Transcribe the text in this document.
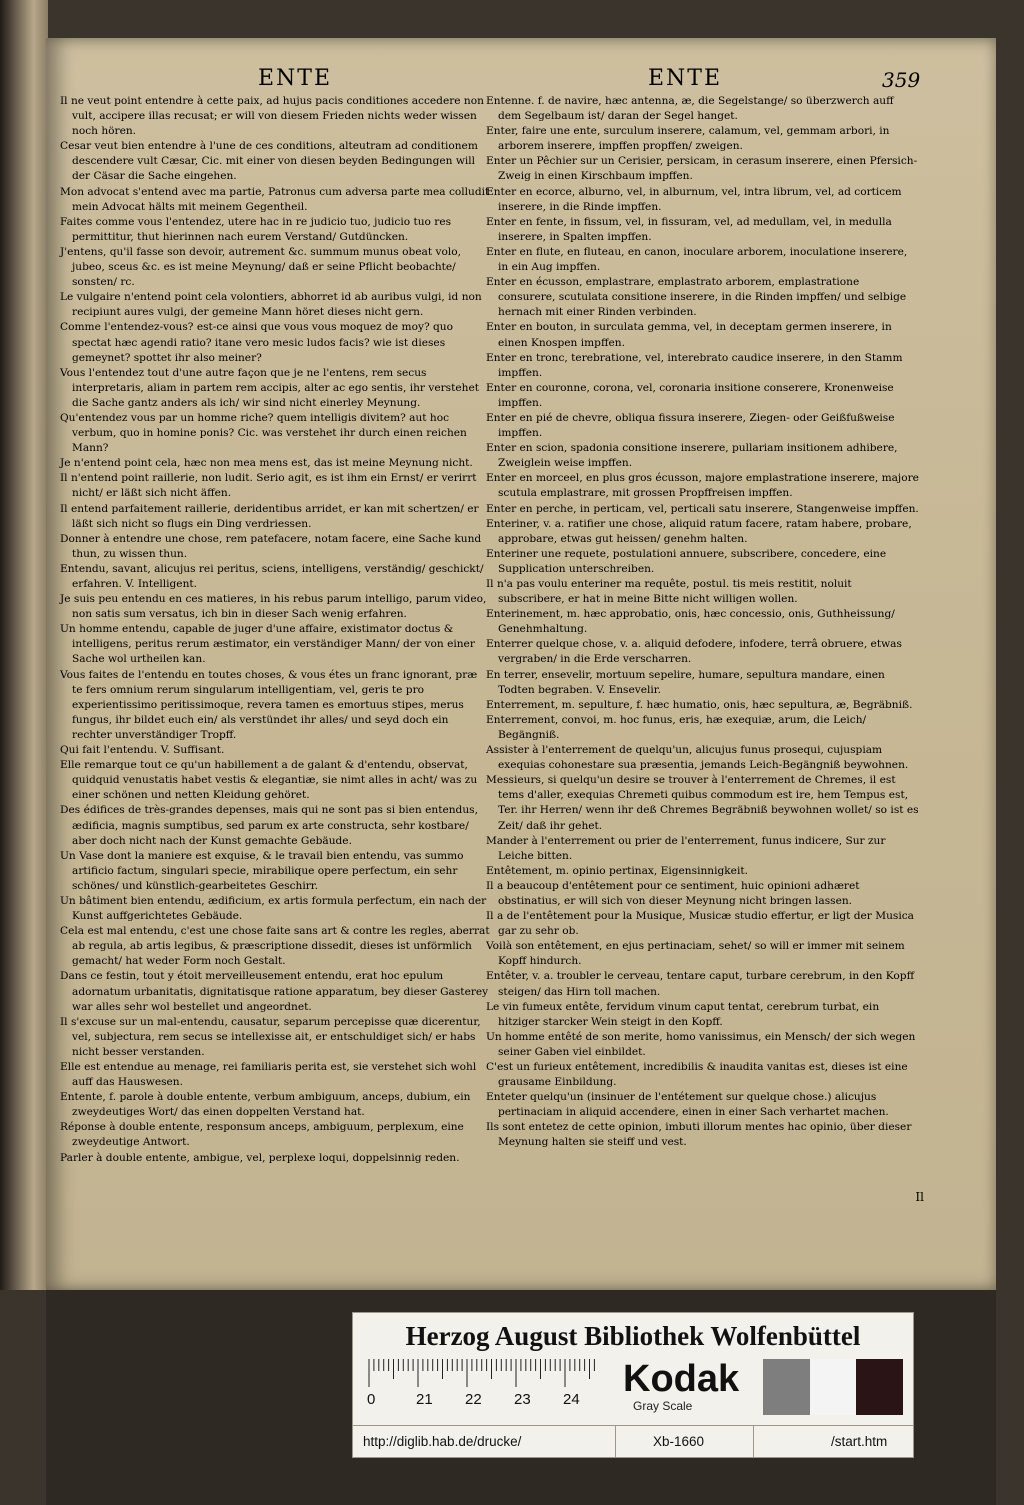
ENTE	ENTE	359

Il ne veut point entendre à cette paix, ad hujus pacis conditiones accedere non vult, accipere illas recusat; er will von diesem Frieden nichts weder wissen noch hören.

Cesar veut bien entendre à l'une de ces conditions, alteutram ad conditionem descendere vult Cæsar, Cic. mit einer von diesen beyden Bedingungen will der Cäsar die Sache eingehen.

Mon advocat s'entend avec ma partie, Patronus cum adversa parte mea colludit mein Advocat hälts mit meinem Gegentheil.

Faites comme vous l'entendez, utere hac in re judicio tuo, judicio tuo res permittitur, thut hierinnen nach eurem Verstand/ Gutdüncken.

J'entens, qu'il fasse son devoir, autrement &c. summum munus obeat volo, jubeo, sceus &c. es ist meine Meynung/ daß er seine Pflicht beobachte/ sonsten/ rc.

Le vulgaire n'entend point cela volontiers, abhorret id ab auribus vulgi, id non recipiunt aures vulgi, der gemeine Mann höret dieses nicht gern.

Comme l'entendez-vous? est-ce ainsi que vous vous moquez de moy? quo spectat hæc agendi ratio? itane vero mesic ludos facis? wie ist dieses gemeynet? spottet ihr also meiner?

Vous l'entendez tout d'une autre façon que je ne l'entens, rem secus interpretaris, aliam in partem rem accipis, alter ac ego sentis, ihr verstehet die Sache gantz anders als ich/ wir sind nicht einerley Meynung.

Qu'entendez vous par un homme riche? quem intelligis divitem? aut hoc verbum, quo in homine ponis? Cic. was verstehet ihr durch einen reichen Mann?

Je n'entend point cela, hæc non mea mens est, das ist meine Meynung nicht.

Il n'entend point raillerie, non ludit. Serio agit, es ist ihm ein Ernst/ er verirrt nicht/ er läßt sich nicht äffen.

Il entend parfaitement raillerie, deridentibus arridet, er kan mit schertzen/ er läßt sich nicht so flugs ein Ding verdriessen.

Donner à entendre une chose, rem patefacere, notam facere, eine Sache kund thun, zu wissen thun.

Entendu, savant, alicujus rei peritus, sciens, intelligens, verständig/ geschickt/ erfahren. V. Intelligent.

Je suis peu entendu en ces matieres, in his rebus parum intelligo, parum video, non satis sum versatus, ich bin in dieser Sach wenig erfahren.

Un homme entendu, capable de juger d'une affaire, existimator doctus & intelligens, peritus rerum æstimator, ein verständiger Mann/ der von einer Sache wol urtheilen kan.

Vous faites de l'entendu en toutes choses, & vous étes un franc ignorant, præ te fers omnium rerum singularum intelligentiam, vel, geris te pro experientissimo peritissimoque, revera tamen es emortuus stipes, merus fungus, ihr bildet euch ein/ als verstündet ihr alles/ und seyd doch ein rechter unverständiger Tropff.

Qui fait l'entendu. V. Suffisant.

Elle remarque tout ce qu'un habillement a de galant & d'entendu, observat, quidquid venustatis habet vestis & elegantiæ, sie nimt alles in acht/ was zu einer schönen und netten Kleidung gehöret.

Des édifices de très-grandes depenses, mais qui ne sont pas si bien entendus, ædificia, magnis sumptibus, sed parum ex arte constructa, sehr kostbare/ aber doch nicht nach der Kunst gemachte Gebäude.

Un Vase dont la maniere est exquise, & le travail bien entendu, vas summo artificio factum, singulari specie, mirabilique opere perfectum, ein sehr schönes/ und künstlich-gearbeitetes Geschirr.

Un bâtiment bien entendu, ædificium, ex artis formula perfectum, ein nach der Kunst auffgerichtetes Gebäude.

Cela est mal entendu, c'est une chose faite sans art & contre les regles, aberrat ab regula, ab artis legibus, & præscriptione dissedit, dieses ist unförmlich gemacht/ hat weder Form noch Gestalt.

Dans ce festin, tout y étoit merveilleusement entendu, erat hoc epulum adornatum urbanitatis, dignitatisque ratione apparatum, bey dieser Gasterey war alles sehr wol bestellet und angeordnet.

Il s'excuse sur un mal-entendu, causatur, separum percepisse quæ dicerentur, vel, subjectura, rem secus se intellexisse ait, er entschuldiget sich/ er habs nicht besser verstanden.

Elle est entendue au menage, rei familiaris perita est, sie verstehet sich wohl auff das Hauswesen.

Entente, f. parole à double entente, verbum ambiguum, anceps, dubium, ein zweydeutiges Wort/ das einen doppelten Verstand hat.

Réponse à double entente, responsum anceps, ambiguum, perplexum, eine zweydeutige Antwort.

Parler à double entente, ambigue, vel, perplexe loqui, doppelsinnig reden.

Entenne. f. de navire, hæc antenna, æ, die Segelstange/ so überzwerch auff dem Segelbaum ist/ daran der Segel hanget.

Enter, faire une ente, surculum inserere, calamum, vel, gemmam arbori, in arborem inserere, impffen propffen/ zweigen.

Enter un Pêchier sur un Cerisier, persicam, in cerasum inserere, einen Pfersich-Zweig in einen Kirschbaum impffen.

Enter en ecorce, alburno, vel, in alburnum, vel, intra librum, vel, ad corticem inserere, in die Rinde impffen.

Enter en fente, in fissum, vel, in fissuram, vel, ad medullam, vel, in medulla inserere, in Spalten impffen.

Enter en flute, en fluteau, en canon, inoculare arborem, inoculatione inserere, in ein Aug impffen.

Enter en écusson, emplastrare, emplastrato arborem, emplastratione consurere, scutulata consitione inserere, in die Rinden impffen/ und selbige hernach mit einer Rinden verbinden.

Enter en bouton, in surculata gemma, vel, in deceptam germen inserere, in einen Knospen impffen.

Enter en tronc, terebratione, vel, interebrato caudice inserere, in den Stamm impffen.

Enter en couronne, corona, vel, coronaria insitione conserere, Kronenweise impffen.

Enter en pié de chevre, obliqua fissura inserere, Ziegen- oder Geißfußweise impffen.

Enter en scion, spadonia consitione inserere, pullariam insitionem adhibere, Zweiglein weise impffen.

Enter en morceel, en plus gros écusson, majore emplastratione inserere, majore scutula emplastrare, mit grossen Propffreisen impffen.

Enter en perche, in perticam, vel, perticali satu inserere, Stangenweise impffen.

Enteriner, v. a. ratifier une chose, aliquid ratum facere, ratam habere, probare, approbare, etwas gut heissen/ genehm halten.

Enteriner une requete, postulationi annuere, subscribere, concedere, eine Supplication unterschreiben.

Il n'a pas voulu enteriner ma requête, postul. tis meis restitit, noluit subscribere, er hat in meine Bitte nicht willigen wollen.

Enterinement, m. hæc approbatio, onis, hæc concessio, onis, Guthheissung/ Genehmhaltung.

Enterrer quelque chose, v. a. aliquid defodere, infodere, terrâ obruere, etwas vergraben/ in die Erde verscharren.

En terrer, ensevelir, mortuum sepelire, humare, sepultura mandare, einen Todten begraben. V. Ensevelir.

Enterrement, m. sepulture, f. hæc humatio, onis, hæc sepultura, æ, Begräbniß.

Enterrement, convoi, m. hoc funus, eris, hæ exequiæ, arum, die Leich/ Begängniß.

Assister à l'enterrement de quelqu'un, alicujus funus prosequi, cujuspiam exequias cohonestare sua præsentia, jemands Leich-Begängniß beywohnen.

Messieurs, si quelqu'un desire se trouver à l'enterrement de Chremes, il est tems d'aller, exequias Chremeti quibus commodum est ire, hem Tempus est, Ter. ihr Herren/ wenn ihr deß Chremes Begräbniß beywohnen wollet/ so ist es Zeit/ daß ihr gehet.

Mander à l'enterrement ou prier de l'enterrement, funus indicere, Sur zur Leiche bitten.

Entêtement, m. opinio pertinax, Eigensinnigkeit.

Il a beaucoup d'entêtement pour ce sentiment, huic opinioni adhæret obstinatius, er will sich von dieser Meynung nicht bringen lassen.

Il a de l'entêtement pour la Musique, Musicæ studio effertur, er ligt der Musica gar zu sehr ob.

Voilà son entêtement, en ejus pertinaciam, sehet/ so will er immer mit seinem Kopff hindurch.

Entêter, v. a. troubler le cerveau, tentare caput, turbare cerebrum, in den Kopff steigen/ das Hirn toll machen.

Le vin fumeux entête, fervidum vinum caput tentat, cerebrum turbat, ein hitziger starcker Wein steigt in den Kopff.

Un homme entêté de son merite, homo vanissimus, ein Mensch/ der sich wegen seiner Gaben viel einbildet.

C'est un furieux entêtement, incredibilis & inaudita vanitas est, dieses ist eine grausame Einbildung.

Enteter quelqu'un (insinuer de l'entétement sur quelque chose.) alicujus pertinaciam in aliquid accendere, einen in einer Sach verhartet machen.

Ils sont entetez de cette opinion, imbuti illorum mentes hac opinio, über dieser Meynung halten sie steiff und vest.

Il
Herzog August Bibliothek Wolfenbüttel
0	21 22 23 24 Kodak
Gray Scale
http://diglib.hab.de/drucke/	Xb-1660	/start.htm
